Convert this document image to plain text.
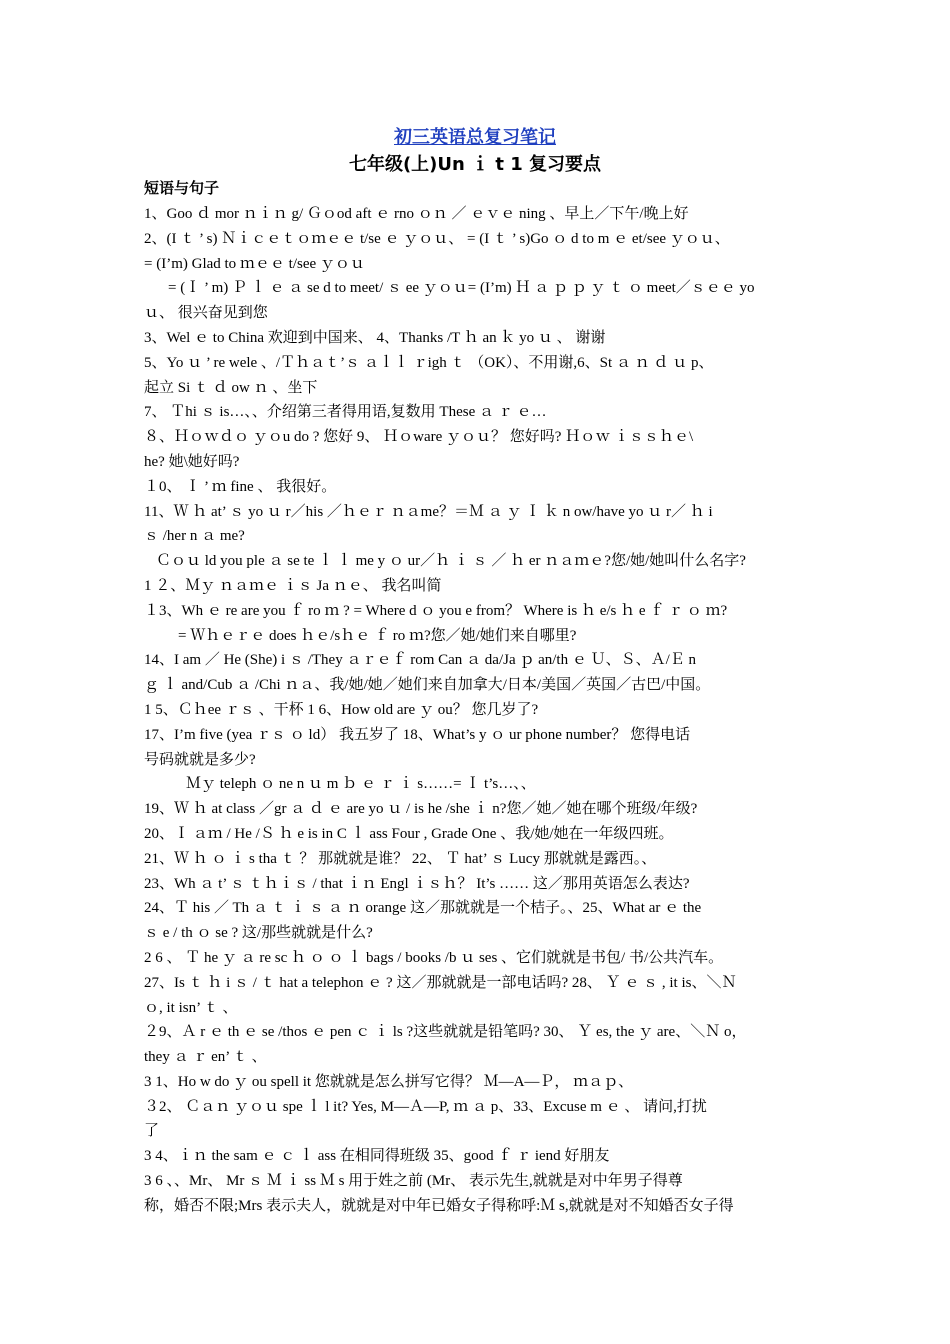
初三英语总复习笔记
七年级(上)Un ｉ t 1 复习要点
短语与句子
1、Goo ｄ mor ｎｉｎ g/ Ｇｏod aft ｅ rno ｏｎ ／ ｅｖｅ ning 、早上／下午/晚上好
2、(I ｔ ’ s) Ｎｉｃｅｔｏｍｅｅ t/se ｅ ｙｏｕ、 = (I ｔ ’ s)Go ｏ d to m ｅ et/see ｙｏｕ、
= (I’m) Glad to ｍｅｅ t/see ｙｏｕ
= (Ｉ ’ m) Ｐ ｌ ｅ ａ se d to meet/ ｓ ee ｙｏｕ= (I’m) Ｈ ａ ｐ ｐ ｙ ｔ ｏ meet／ｓｅｅ yo
ｕ、 很兴奋见到您
3、Wel ｅ to China 欢迎到中国来、 4、Thanks /T ｈ an ｋ yo ｕ 、 谢谢
5、Yo ｕ ’ re wele 、/Ｔｈａｔ’ｓ ａｌｌ ｒigh ｔ （OK）、不用谢,6、St ａ ｎ ｄ ｕ p、
起立 Si ｔ ｄ ow ｎ 、坐下
7、 Ｔhi ｓ is…、、介绍第三者得用语,复数用 These ａ ｒ ｅ…
８、Ｈｏｗｄｏ ｙｏu do ? 您好 9、 Ｈｏware ｙｏｕ？ 您好吗? Ｈｏｗ ｉｓｓｈｅ\
he? 她\她好吗?
１0、 Ｉ ’ ｍ fine 、 我很好。
11、Ｗ ｈ at’ ｓ yo ｕ r／his ／ｈｅｒ ｎａme？＝Ｍ ａ ｙ Ｉ ｋ n ow/have yo ｕ r／ ｈ i
ｓ /her n ａ me?
Ｃｏｕ ld you ple ａ se te ｌ ｌ me y ｏ ur／ｈ ｉ ｓ ／ ｈ er ｎａｍｅ?您/她/她叫什么名字?
1 ２、Ｍｙ ｎａｍｅ ｉｓ Ja ｎｅ、 我名叫简
１3、Wh ｅ re are you ｆ ro ｍ ? = Where d ｏ you e from？ Where is ｈ e/s ｈ e ｆ ｒ ｏ ｍ?
= Ｗｈｅｒｅ does ｈｅ/sｈｅ ｆ ro ｍ?您／她/她们来自哪里?
14、I am ／ He (She) i ｓ /They ａｒｅｆ rom Can ａ da/Ja ｐ an/th ｅ Ｕ、Ｓ、Ａ/Ｅ n
ｇ ｌ and/Cub ａ /Chi ｎａ、我/她/她／她们来自加拿大/日本/美国／英国／古巴/中国。
1 5、Ｃｈee ｒｓ 、干杯 1 6、How old are ｙ ou？ 您几岁了?
17、I’m five (yea ｒｓ ｏ ld） 我五岁了 18、What’s y ｏ ur phone number？ 您得电话
号码就就是多少?
Ｍｙ teleph ｏ ne n ｕ m ｂ ｅ ｒ ｉ s……= Ｉ t’s…、、
19、Ｗ ｈ at class ／gr ａ ｄ ｅ are yo ｕ / is he /she ｉ n?您／她／她在哪个班级/年级?
20、Ｉ ａｍ / He /Ｓ ｈ e is in C ｌ ass Four , Grade One 、我/她/她在一年级四班。
21、Ｗ ｈ ｏ ｉ s tha ｔ ？ 那就就是谁？ 22、 Ｔ hat’ ｓ Lucy 那就就是露西。、
23、Wh ａ t’ ｓ ｔｈｉｓ / that ｉｎ Engl ｉｓｈ？ It’s …… 这／那用英语怎么表达?
24、Ｔ his ／ Th ａ ｔ ｉ ｓ ａ ｎ orange 这／那就就是一个桔子。、25、What ar ｅ the
ｓ e / th ｏ se ? 这/那些就就是什么?
2 6 、 Ｔ he ｙ ａ re sc ｈ ｏ ｏ ｌ bags / books /b ｕ ses 、它们就就是书包/ 书/公共汽车。
27、Is ｔ ｈ i ｓ / ｔ hat a telephon ｅ ? 这／那就就是一部电话吗? 28、 Ｙ ｅ ｓ , it is、＼Ｎ
ｏ, it isn’ ｔ 、
２9、Ａ r ｅ th ｅ se /thos ｅ pen ｃ ｉ ls ?这些就就是铅笔吗? 30、 Ｙ es, the ｙ are、＼Ｎ o，
they ａ ｒ en’ ｔ 、
3 1、Ho w do ｙ ou spell it 您就就是怎么拼写它得？ Ｍ—A—Ｐ， ｍａｐ、
３2、 Ｃａｎ ｙｏｕ spe ｌ l it? Yes, M—Ａ—P, ｍ ａ p、33、Excuse m ｅ 、 请问,打扰
了
3 4、ｉｎ the sam ｅ ｃ ｌ ass 在相同得班级 35、good ｆ ｒ iend 好朋友
3 6 、、Mr、 Mr ｓ Ｍ ｉ ss Ｍ s 用于姓之前 (Mr、 表示先生,就就是对中年男子得尊
称，婚否不限;Mrs 表示夫人，就就是对中年已婚女子得称呼:Ｍ s,就就是对不知婚否女子得
